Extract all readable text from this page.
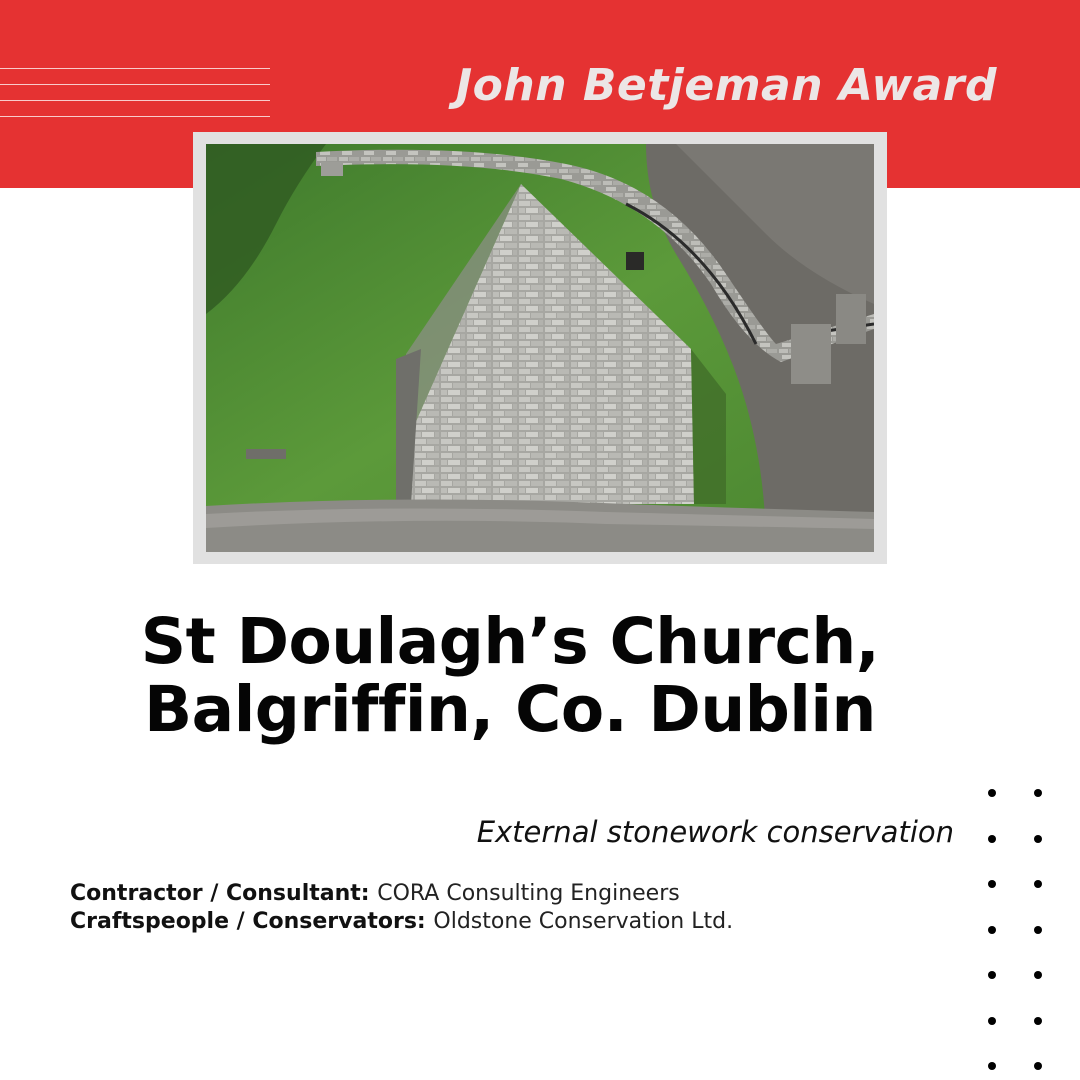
John Betjeman Award
St Doulagh’s Church,
Balgriffin, Co. Dublin
External stonework conservation
Contractor / Consultant: CORA Consulting Engineers
Craftspeople / Conservators: Oldstone Conservation Ltd.
